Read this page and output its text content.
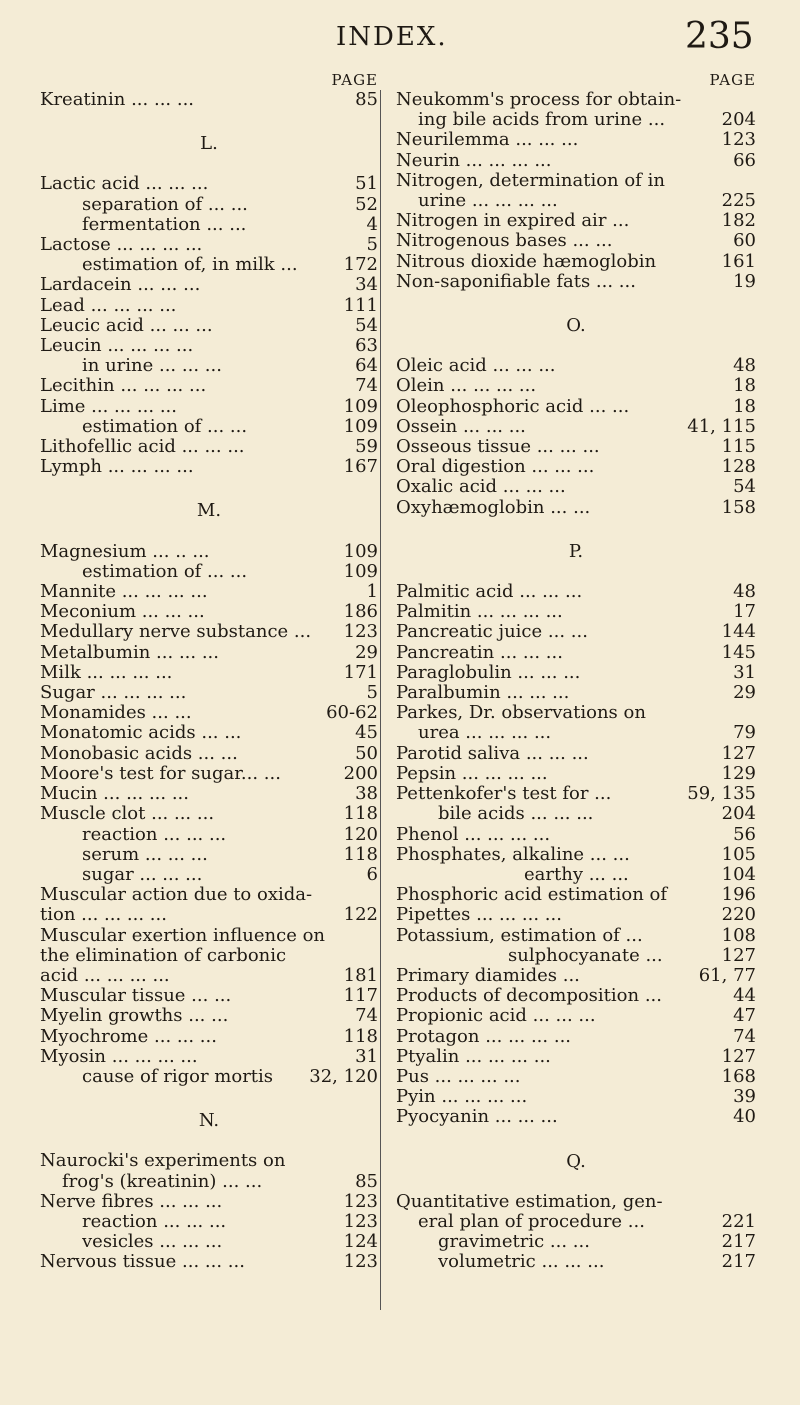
INDEX.	235
PAGE
Kreatinin ... ... ...	85
L.
Lactic acid ... ... ...	51
separation of ... ...	52
fermentation ... ...	4
Lactose ... ... ... ...	5
estimation of, in milk ...	172
Lardacein ... ... ...	34
Lead ... ... ... ...	111
Leucic acid ... ... ...	54
Leucin ... ... ... ...	63
in urine ... ... ...	64
Lecithin ... ... ... ...	74
Lime ... ... ... ...	109
estimation of ... ...	109
Lithofellic acid ... ... ...	59
Lymph ... ... ... ...	167
M.
Magnesium ... .. ...	109
estimation of ... ...	109
Mannite ... ... ... ...	1
Meconium ... ... ...	186
Medullary nerve substance ...	123
Metalbumin ... ... ...	29
Milk ... ... ... ...	171
Sugar ... ... ... ...	5
Monamides ... ...	60-62
Monatomic acids ... ...	45
Monobasic acids ... ...	50
Moore's test for sugar... ...	200
Mucin ... ... ... ...	38
Muscle clot ... ... ...	118
reaction ... ... ...	120
serum ... ... ...	118
sugar ... ... ...	6
Muscular action due to oxida-
tion ... ... ... ...	122
Muscular exertion influence on
the elimination of carbonic
acid ... ... ... ...	181
Muscular tissue ... ...	117
Myelin growths ... ...	74
Myochrome ... ... ...	118
Myosin ... ... ... ...	31
cause of rigor mortis	32, 120
N.
Naurocki's experiments on
frog's (kreatinin) ... ...	85
Nerve fibres ... ... ...	123
reaction ... ... ...	123
vesicles ... ... ...	124
Nervous tissue ... ... ...	123
PAGE
Neukomm's process for obtain-
ing bile acids from urine ...	204
Neurilemma ... ... ...	123
Neurin ... ... ... ...	66
Nitrogen, determination of in
urine ... ... ... ...	225
Nitrogen in expired air ...	182
Nitrogenous bases ... ...	60
Nitrous dioxide hæmoglobin	161
Non-saponifiable fats ... ...	19
O.
Oleic acid ... ... ...	48
Olein ... ... ... ...	18
Oleophosphoric acid ... ...	18
Ossein ... ... ...	41, 115
Osseous tissue ... ... ...	115
Oral digestion ... ... ...	128
Oxalic acid ... ... ...	54
Oxyhæmoglobin ... ...	158
P.
Palmitic acid ... ... ...	48
Palmitin ... ... ... ...	17
Pancreatic juice ... ...	144
Pancreatin ... ... ...	145
Paraglobulin ... ... ...	31
Paralbumin ... ... ...	29
Parkes, Dr. observations on
urea ... ... ... ...	79
Parotid saliva ... ... ...	127
Pepsin ... ... ... ...	129
Pettenkofer's test for ...	59, 135
bile acids ... ... ...	204
Phenol ... ... ... ...	56
Phosphates, alkaline ... ...	105
earthy ... ...	104
Phosphoric acid estimation of	196
Pipettes ... ... ... ...	220
Potassium, estimation of ...	108
sulphocyanate ...	127
Primary diamides ...	61, 77
Products of decomposition ...	44
Propionic acid ... ... ...	47
Protagon ... ... ... ...	74
Ptyalin ... ... ... ...	127
Pus ... ... ... ...	168
Pyin ... ... ... ...	39
Pyocyanin ... ... ...	40
Q.
Quantitative estimation, gen-
eral plan of procedure ...	221
gravimetric ... ...	217
volumetric ... ... ...	217
